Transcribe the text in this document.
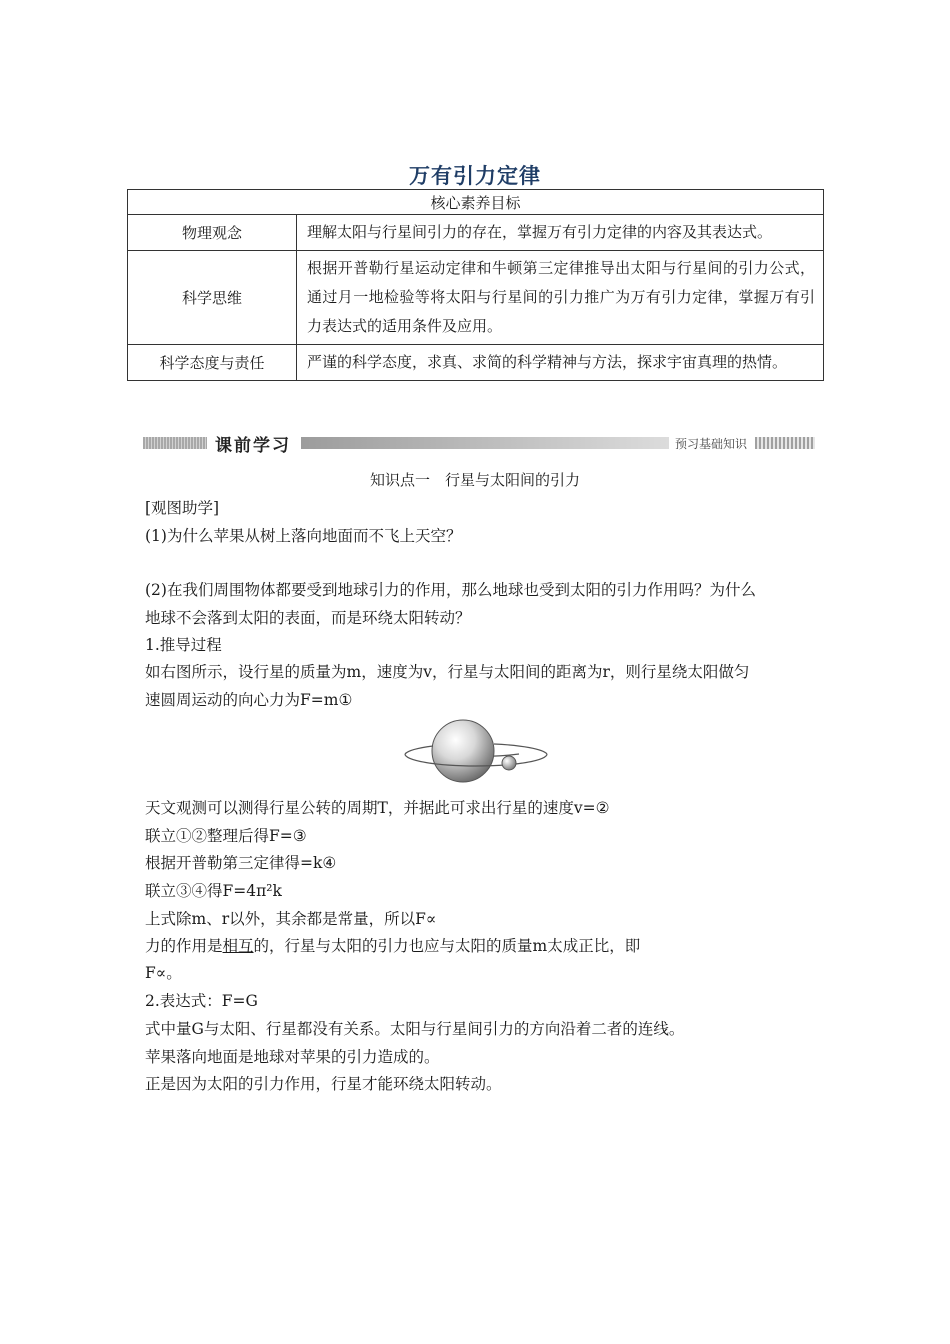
万有引力定律
核心素养目标	
物理观念	理解太阳与行星间引力的存在，掌握万有引力定律的内容及其表达式。
科学思维	根据开普勒行星运动定律和牛顿第三定律推导出太阳与行星间的引力公式，通过月一地检验等将太阳与行星间的引力推广为万有引力定律，掌握万有引力表达式的适用条件及应用。
科学态度与责任	严谨的科学态度，求真、求简的科学精神与方法，探求宇宙真理的热情。
课前学习	预习基础知识
知识点一　行星与太阳间的引力
[观图助学]
(1)为什么苹果从树上落向地面而不飞上天空？
(2)在我们周围物体都要受到地球引力的作用，那么地球也受到太阳的引力作用吗？为什么
地球不会落到太阳的表面，而是环绕太阳转动？
1.推导过程
如右图所示，设行星的质量为m，速度为v，行星与太阳间的距离为r，则行星绕太阳做匀
速圆周运动的向心力为F=m①
天文观测可以测得行星公转的周期T，并据此可求出行星的速度v=②
联立①②整理后得F=③
根据开普勒第三定律得=k④
联立③④得F=4π²k
上式除m、r以外，其余都是常量，所以F∝
力的作用是相互的，行星与太阳的引力也应与太阳的质量m太成正比，即
F∝。
2.表达式：F=G
式中量G与太阳、行星都没有关系。太阳与行星间引力的方向沿着二者的连线。
苹果落向地面是地球对苹果的引力造成的。
正是因为太阳的引力作用，行星才能环绕太阳转动。
